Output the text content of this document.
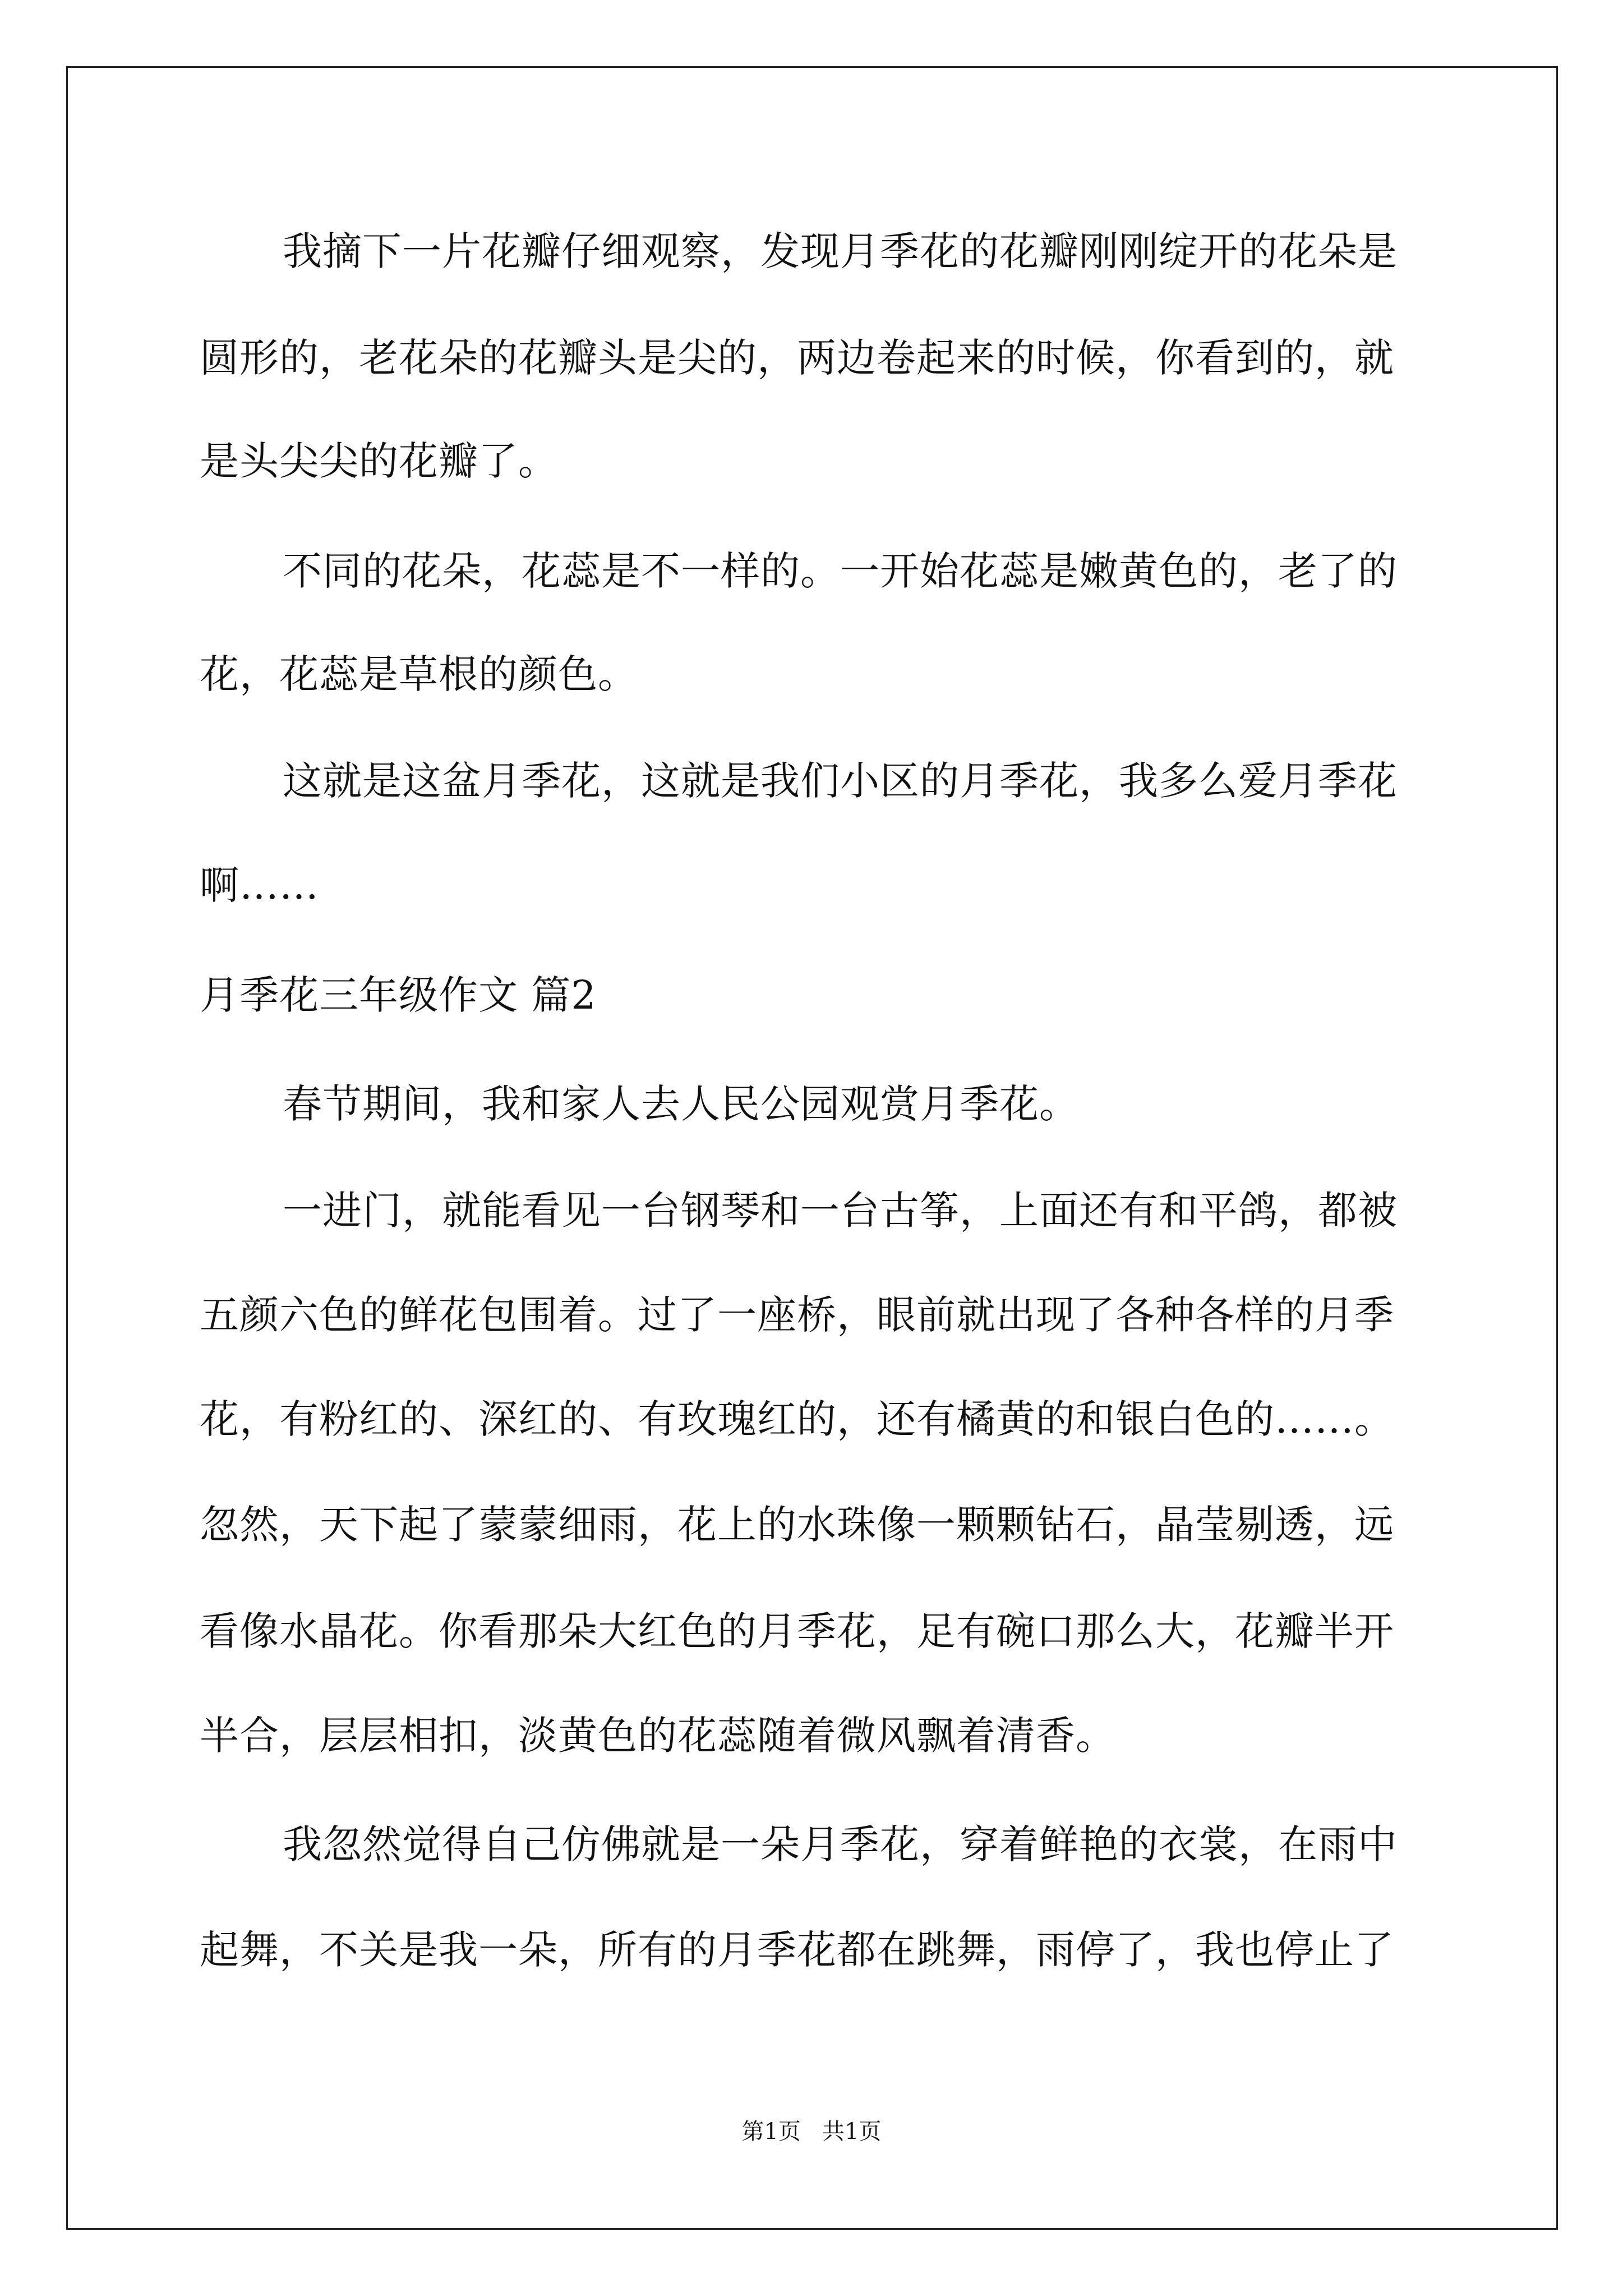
我摘下一片花瓣仔细观察，发现月季花的花瓣刚刚绽开的花朵是
圆形的，老花朵的花瓣头是尖的，两边卷起来的时候，你看到的，就
是头尖尖的花瓣了。
不同的花朵，花蕊是不一样的。一开始花蕊是嫩黄色的，老了的
花，花蕊是草根的颜色。
这就是这盆月季花，这就是我们小区的月季花，我多么爱月季花
啊……
月季花三年级作文 篇2
春节期间，我和家人去人民公园观赏月季花。
一进门，就能看见一台钢琴和一台古筝，上面还有和平鸽，都被
五颜六色的鲜花包围着。过了一座桥，眼前就出现了各种各样的月季
花，有粉红的、深红的、有玫瑰红的，还有橘黄的和银白色的……。
忽然，天下起了蒙蒙细雨，花上的水珠像一颗颗钻石，晶莹剔透，远
看像水晶花。你看那朵大红色的月季花，足有碗口那么大，花瓣半开
半合，层层相扣，淡黄色的花蕊随着微风飘着清香。
我忽然觉得自己仿佛就是一朵月季花，穿着鲜艳的衣裳，在雨中
起舞，不关是我一朵，所有的月季花都在跳舞，雨停了，我也停止了
第1页   共1页
